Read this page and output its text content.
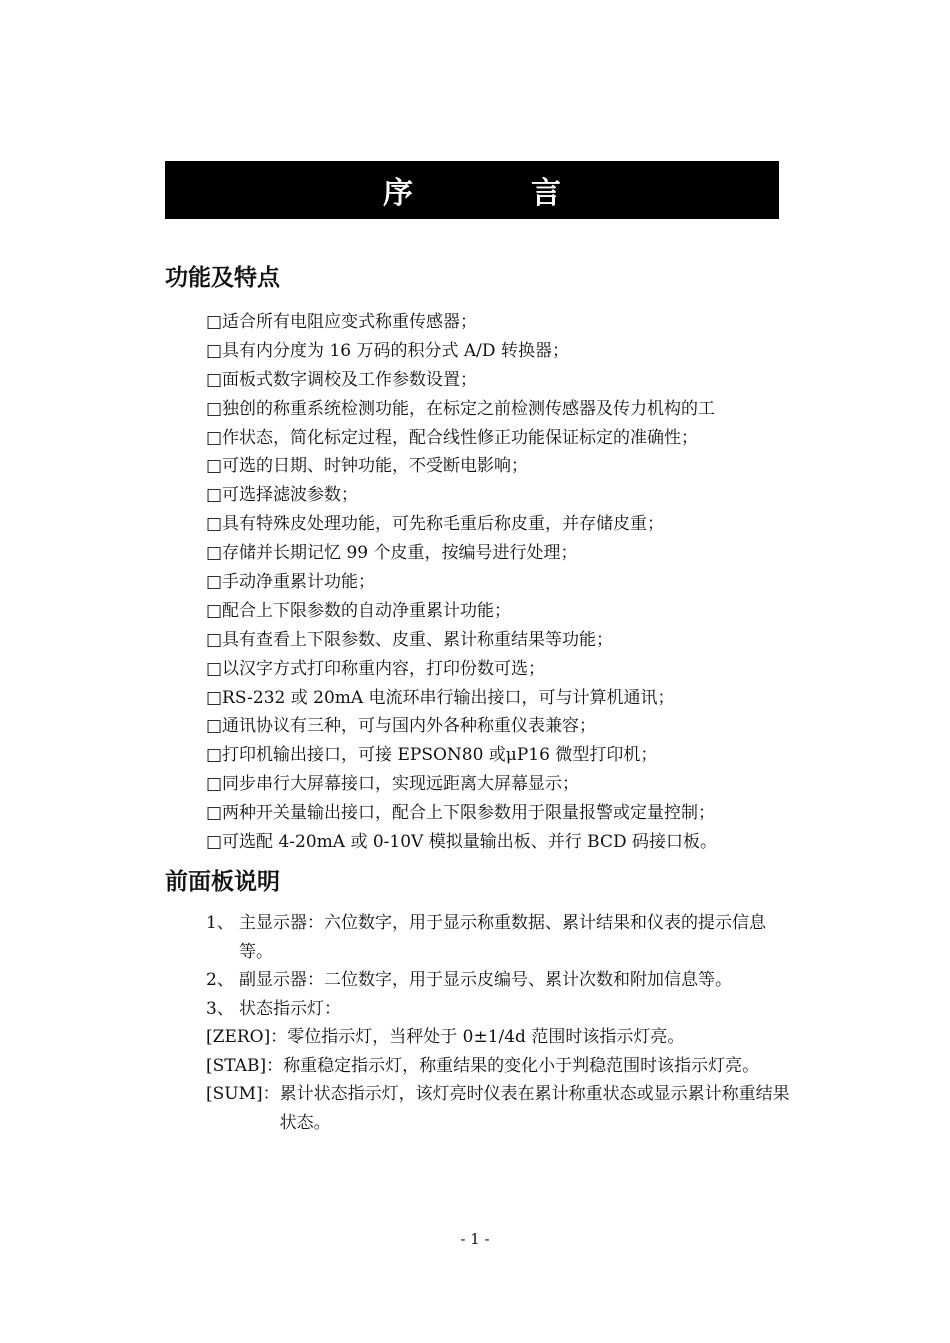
序	言
功能及特点
□适合所有电阻应变式称重传感器；
□具有内分度为 16 万码的积分式 A/D 转换器；
□面板式数字调校及工作参数设置；
□独创的称重系统检测功能，在标定之前检测传感器及传力机构的工
□作状态，简化标定过程，配合线性修正功能保证标定的准确性；
□可选的日期、时钟功能，不受断电影响；
□可选择滤波参数；
□具有特殊皮处理功能，可先称毛重后称皮重，并存储皮重；
□存储并长期记忆 99 个皮重，按编号进行处理；
□手动净重累计功能；
□配合上下限参数的自动净重累计功能；
□具有查看上下限参数、皮重、累计称重结果等功能；
□以汉字方式打印称重内容，打印份数可选；
□RS-232 或 20mA 电流环串行输出接口，可与计算机通讯；
□通讯协议有三种，可与国内外各种称重仪表兼容；
□打印机输出接口，可接 EPSON80 或μP16 微型打印机；
□同步串行大屏幕接口，实现远距离大屏幕显示；
□两种开关量输出接口，配合上下限参数用于限量报警或定量控制；
□可选配 4-20mA 或 0-10V 模拟量输出板、并行 BCD 码接口板。
前面板说明
1、 主显示器：六位数字，用于显示称重数据、累计结果和仪表的提示信息等。
2、 副显示器：二位数字，用于显示皮编号、累计次数和附加信息等。
3、 状态指示灯：
[ZERO]： 零位指示灯，当秤处于 0±1/4d 范围时该指示灯亮。
[STAB]： 称重稳定指示灯，称重结果的变化小于判稳范围时该指示灯亮。
[SUM]： 累计状态指示灯，该灯亮时仪表在累计称重状态或显示累计称重结果状态。
- 1 -
